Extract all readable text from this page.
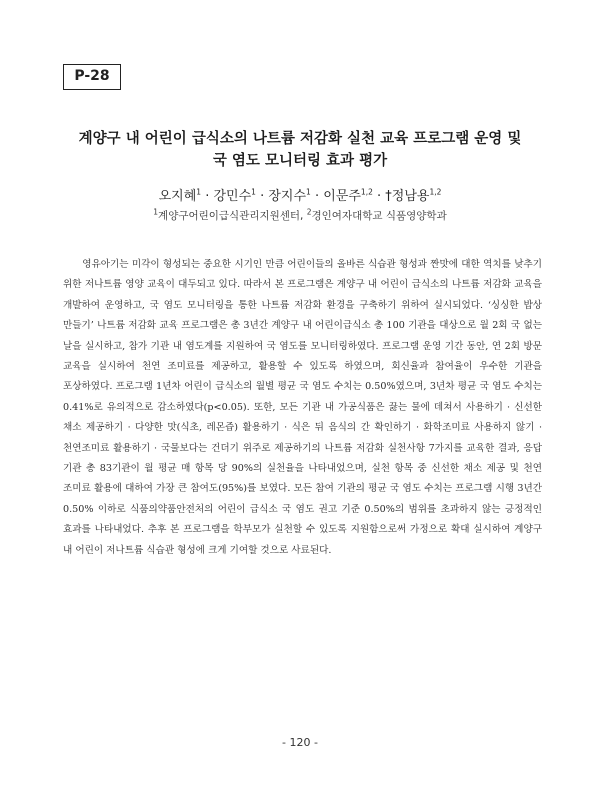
P-28
계양구 내 어린이 급식소의 나트륨 저감화 실천 교육 프로그램 운영 및
국 염도 모니터링 효과 평가
오지혜$^1$ · 강민수$^1$ · 장지수$^1$ · 이문주$^{1,2}$ · †정남용$^{1,2}$
$^1$계양구어린이급식관리지원센터, $^2$경인여자대학교 식품영양학과

영유아기는 미각이 형성되는 중요한 시기인 만큼 어린이들의 올바른 식습관 형성과 짠맛에 대한 역치를 낮추기 위한 저나트륨 영양 교육이 대두되고 있다. 따라서 본 프로그램은 계양구 내 어린이 급식소의 나트륨 저감화 교육을 개발하여 운영하고, 국 염도 모니터링을 통한 나트륨 저감화 환경을 구축하기 위하여 실시되었다. ‘싱싱한 밥상 만들기’ 나트륨 저감화 교육 프로그램은 총 3년간 계양구 내 어린이급식소 총 100 기관을 대상으로 월 2회 국 없는 날을 실시하고, 참가 기관 내 염도계를 지원하여 국 염도를 모니터링하였다. 프로그램 운영 기간 동안, 연 2회 방문 교육을 실시하여 천연 조미료를 제공하고, 활용할 수 있도록 하였으며, 회신율과 참여율이 우수한 기관을 포상하였다. 프로그램 1년차 어린이 급식소의 월별 평균 국 염도 수치는 0.50%였으며, 3년차 평균 국 염도 수치는 0.41%로 유의적으로 감소하였다(p<0.05). 또한, 모든 기관 내 가공식품은 끓는 물에 데쳐서 사용하기 · 신선한 채소 제공하기 · 다양한 맛(식초, 레몬즙) 활용하기 · 식은 뒤 음식의 간 확인하기 · 화학조미료 사용하지 않기 · 천연조미료 활용하기 · 국물보다는 건더기 위주로 제공하기의 나트륨 저감화 실천사항 7가지를 교육한 결과, 응답 기관 총 83기관이 월 평균 매 항목 당 90%의 실천율을 나타내었으며, 실천 항목 중 신선한 채소 제공 및 천연 조미료 활용에 대하여 가장 큰 참여도(95%)를 보였다. 모든 참여 기관의 평균 국 염도 수치는 프로그램 시행 3년간 0.50% 이하로 식품의약품안전처의 어린이 급식소 국 염도 권고 기준 0.50%의 범위를 초과하지 않는 긍정적인 효과를 나타내었다. 추후 본 프로그램을 학부모가 실천할 수 있도록 지원함으로써 가정으로 확대 실시하여 계양구 내 어린이 저나트륨 식습관 형성에 크게 기여할 것으로 사료된다.

- 120 -
